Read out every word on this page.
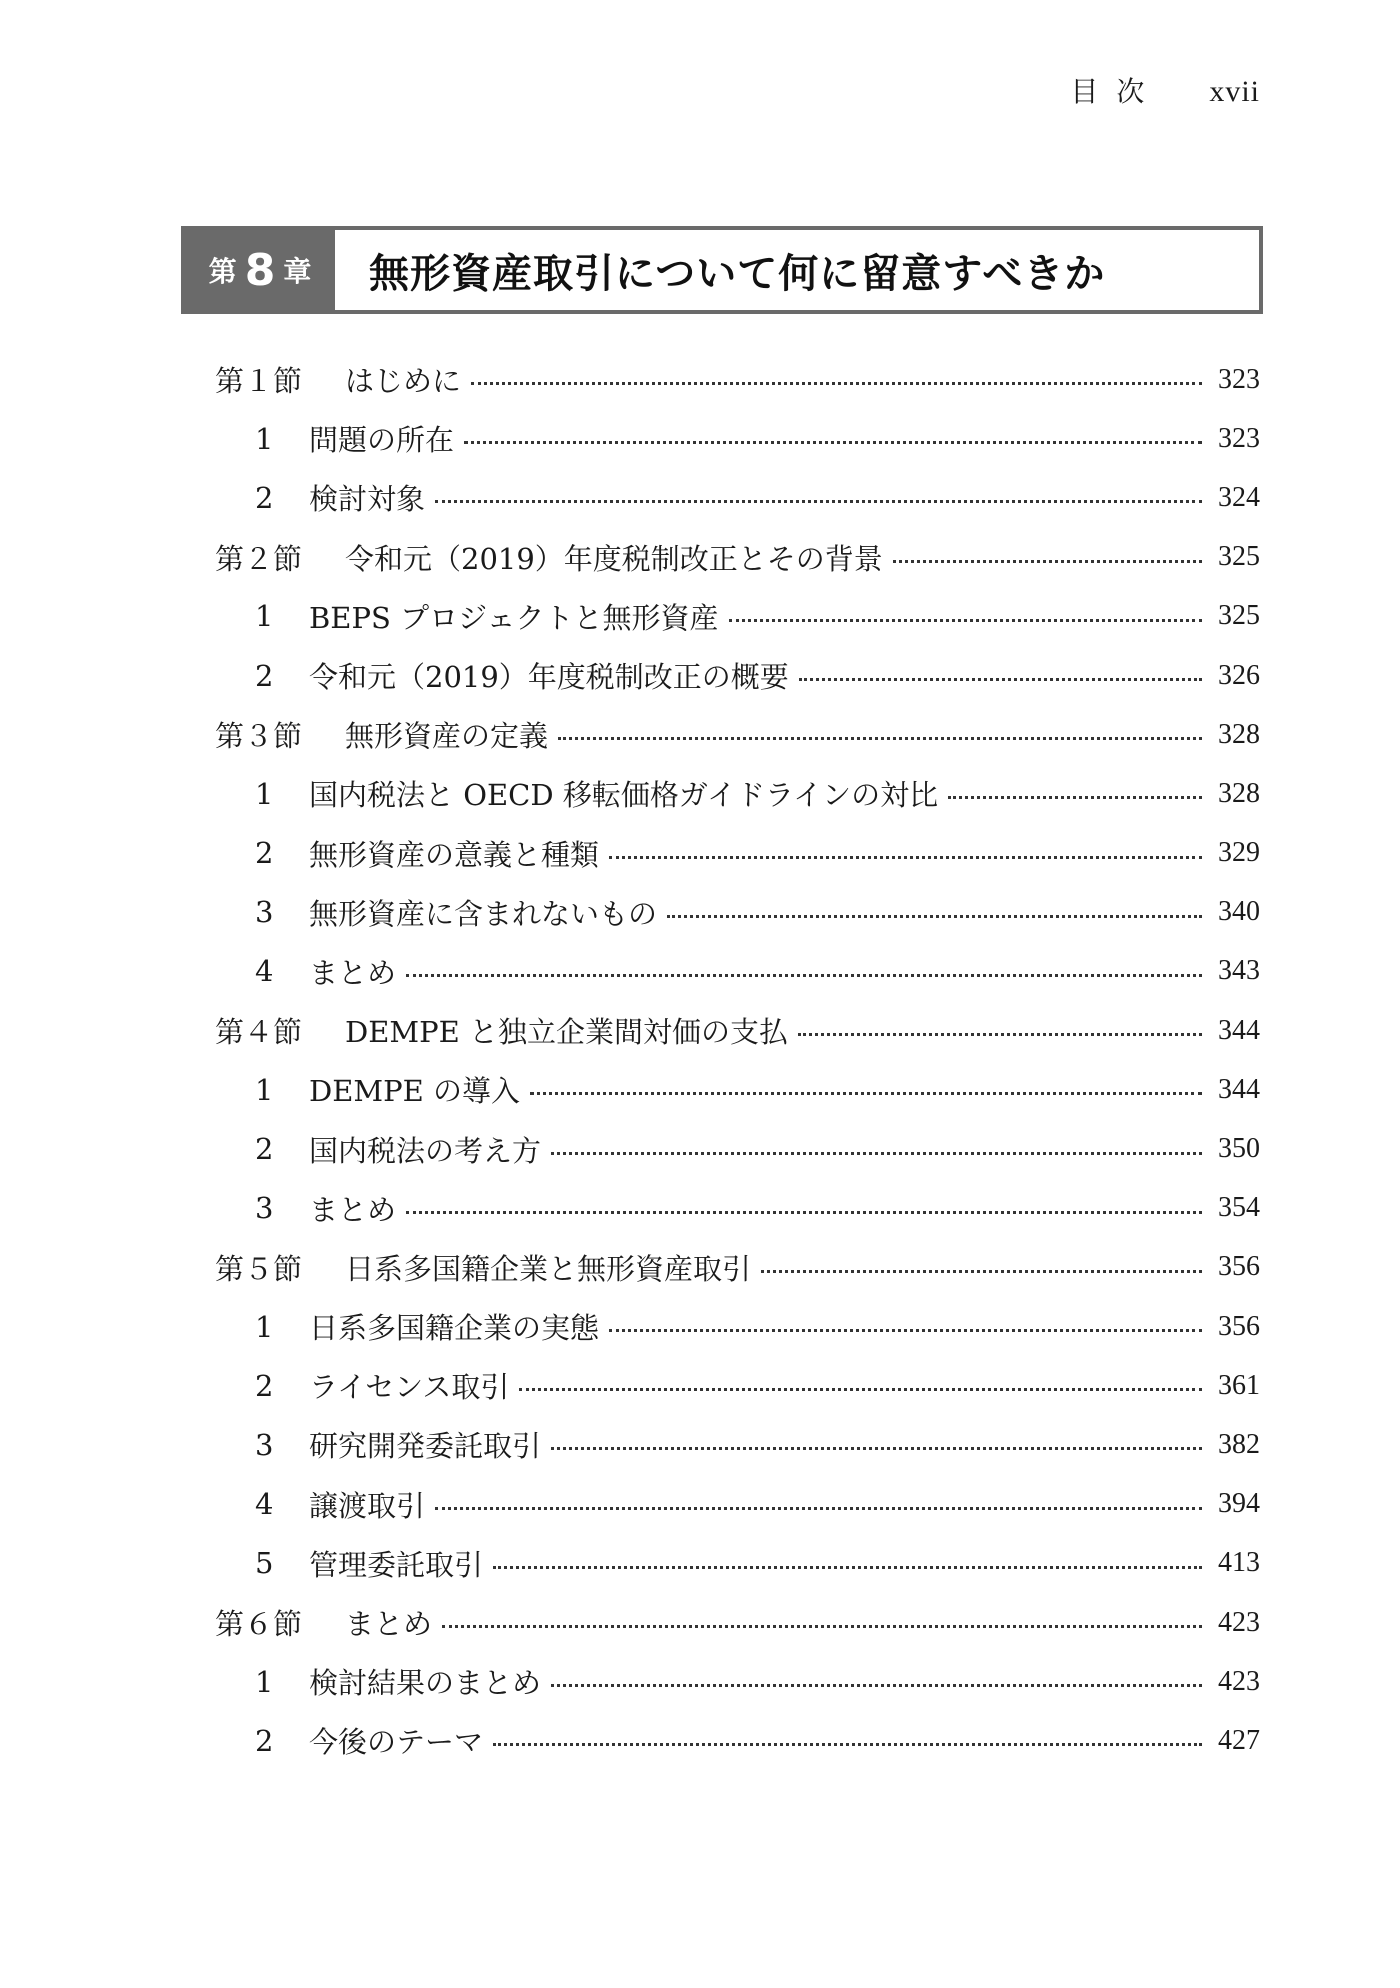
目次 xvii
第 8 章	無形資産取引について何に留意すべきか
第１節	はじめに	323
1	問題の所在	323
2	検討対象	324
第２節	令和元（2019）年度税制改正とその背景	325
1	BEPS プロジェクトと無形資産	325
2	令和元（2019）年度税制改正の概要	326
第３節	無形資産の定義	328
1	国内税法と OECD 移転価格ガイドラインの対比	328
2	無形資産の意義と種類	329
3	無形資産に含まれないもの	340
4	まとめ	343
第４節	DEMPE と独立企業間対価の支払	344
1	DEMPE の導入	344
2	国内税法の考え方	350
3	まとめ	354
第５節	日系多国籍企業と無形資産取引	356
1	日系多国籍企業の実態	356
2	ライセンス取引	361
3	研究開発委託取引	382
4	譲渡取引	394
5	管理委託取引	413
第６節	まとめ	423
1	検討結果のまとめ	423
2	今後のテーマ	427
